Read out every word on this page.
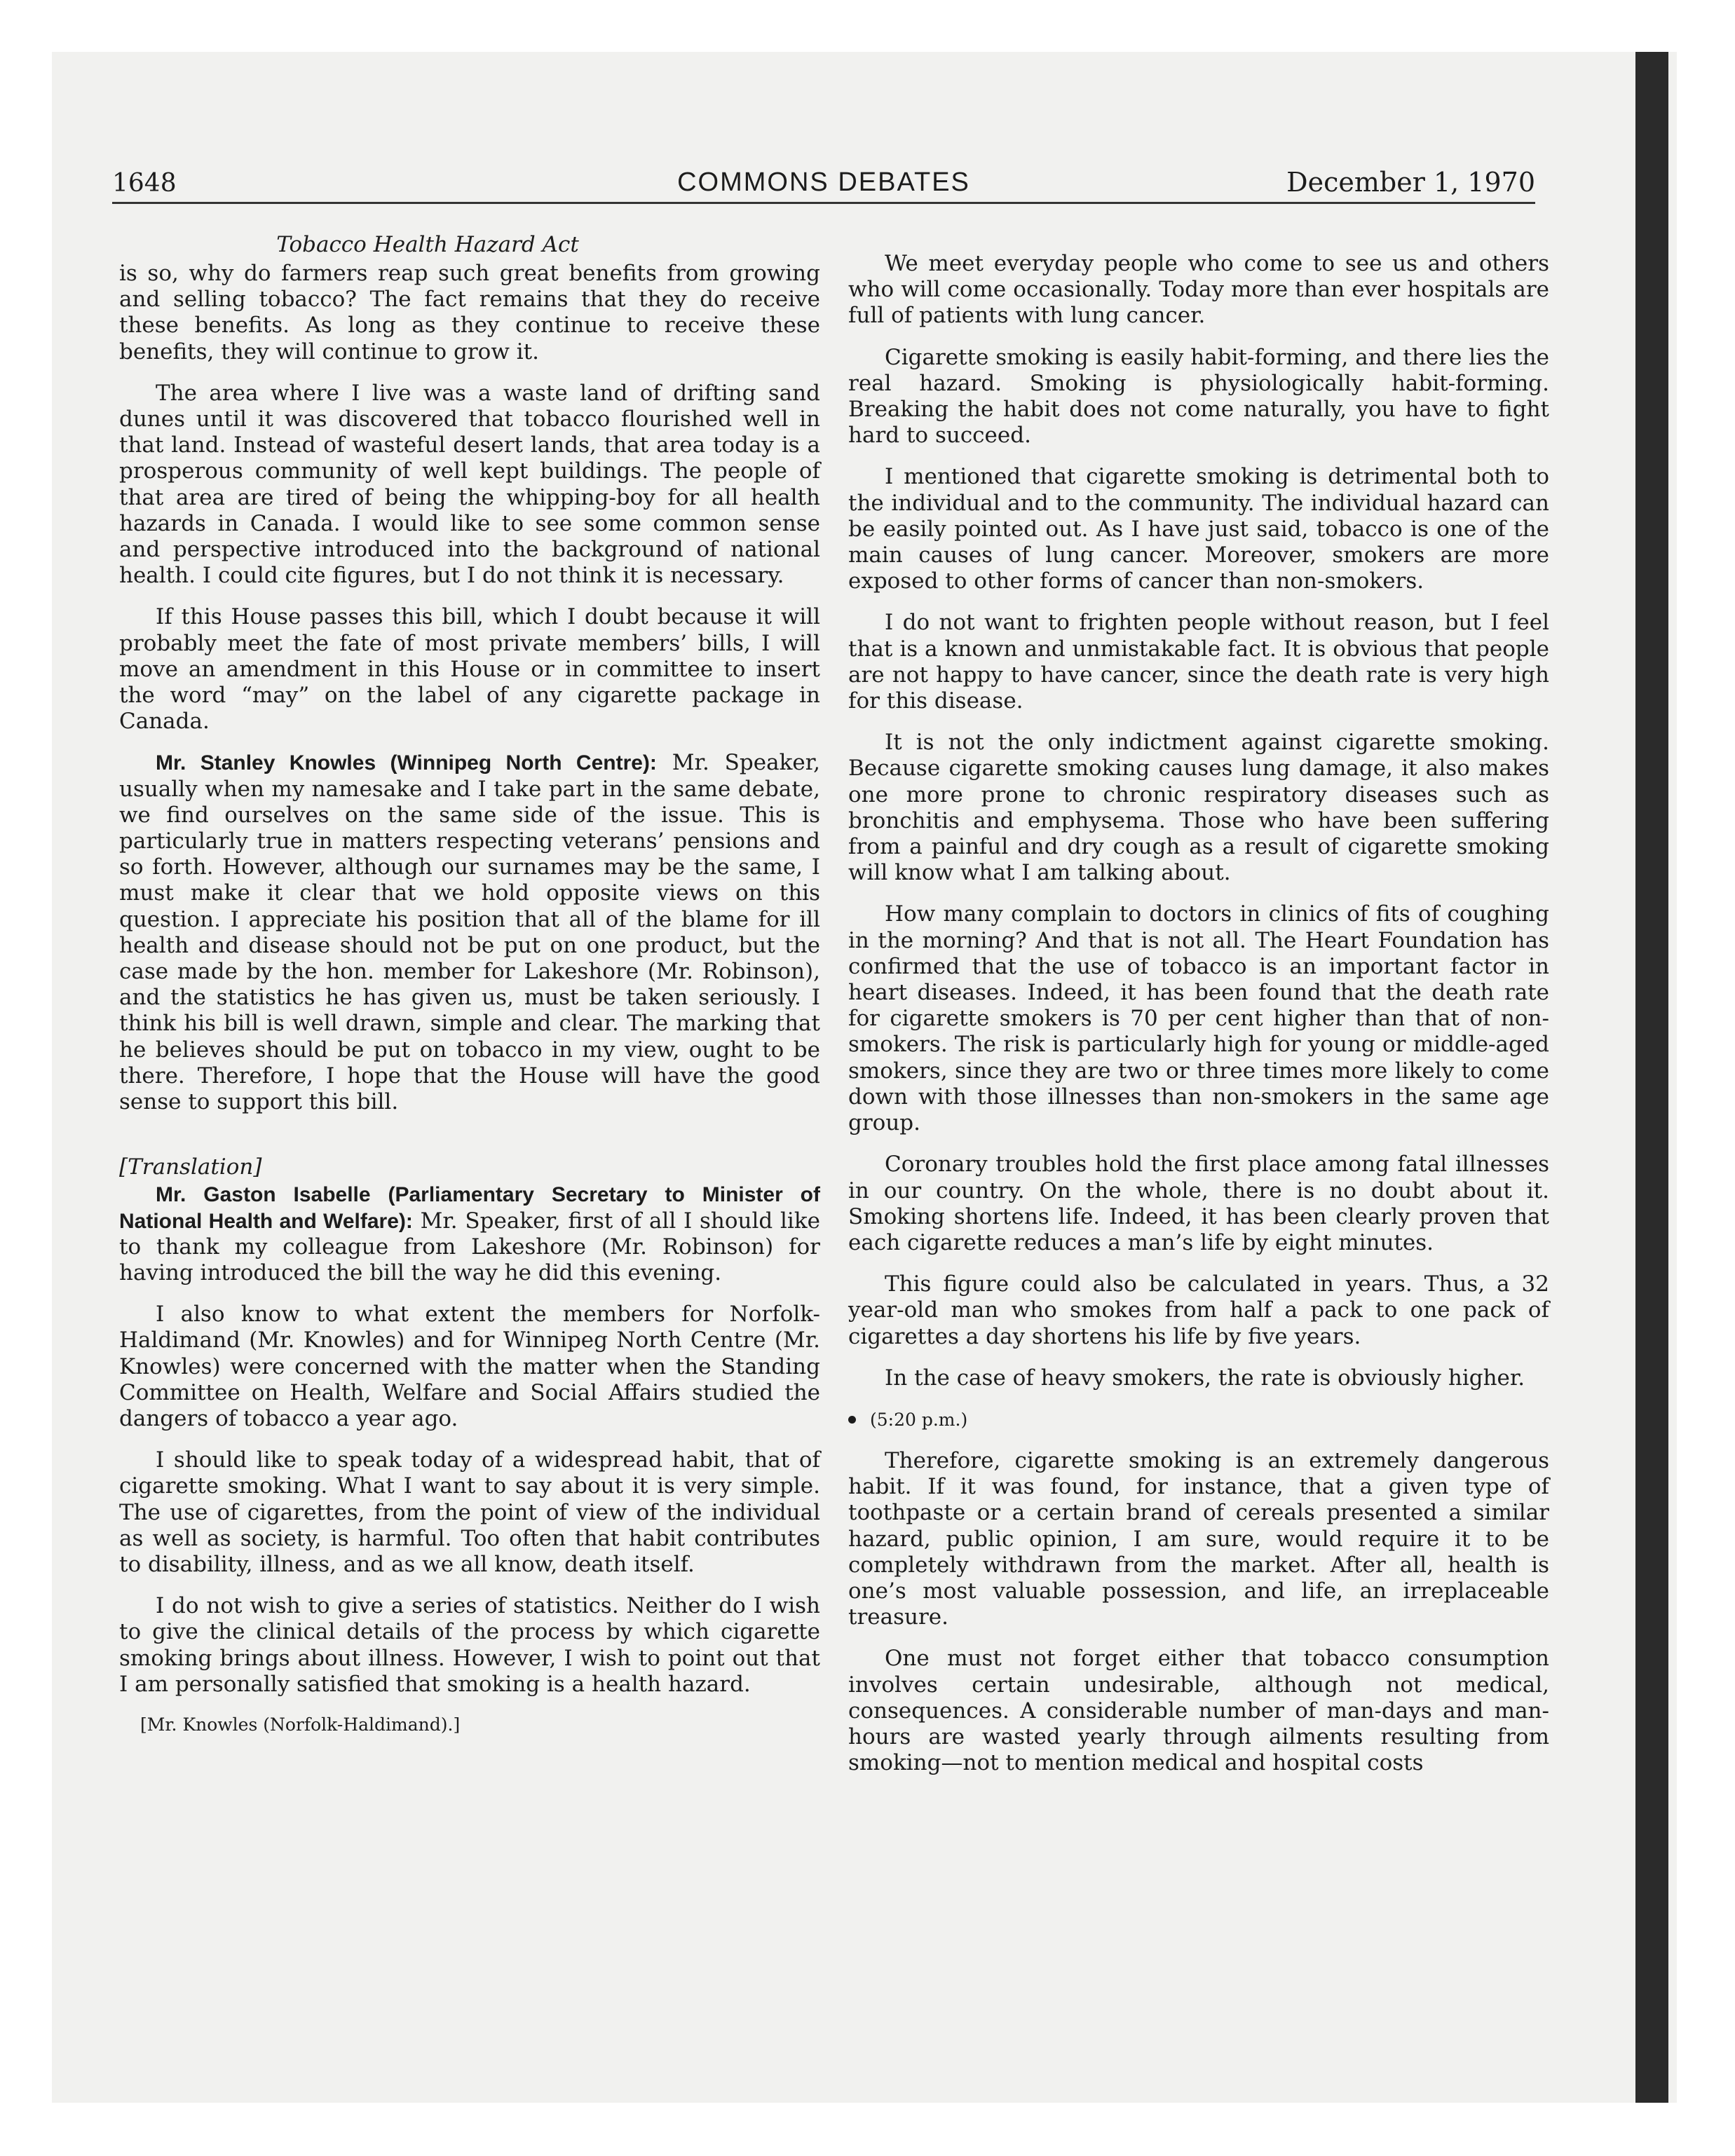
1648	COMMONS DEBATES	December 1, 1970
Tobacco Health Hazard Act

is so, why do farmers reap such great benefits from growing and selling tobacco? The fact remains that they do receive these benefits. As long as they continue to receive these benefits, they will continue to grow it.

The area where I live was a waste land of drifting sand dunes until it was discovered that tobacco flourished well in that land. Instead of wasteful desert lands, that area today is a prosperous community of well kept buildings. The people of that area are tired of being the whipping-boy for all health hazards in Canada. I would like to see some common sense and perspective introduced into the background of national health. I could cite figures, but I do not think it is necessary.

If this House passes this bill, which I doubt because it will probably meet the fate of most private members’ bills, I will move an amendment in this House or in committee to insert the word “may” on the label of any cigarette package in Canada.

Mr. Stanley Knowles (Winnipeg North Centre): Mr. Speaker, usually when my namesake and I take part in the same debate, we find ourselves on the same side of the issue. This is particularly true in matters respecting veterans’ pensions and so forth. However, although our surnames may be the same, I must make it clear that we hold opposite views on this question. I appreciate his position that all of the blame for ill health and disease should not be put on one product, but the case made by the hon. member for Lakeshore (Mr. Robinson), and the statistics he has given us, must be taken seriously. I think his bill is well drawn, simple and clear. The marking that he believes should be put on tobacco in my view, ought to be there. Therefore, I hope that the House will have the good sense to support this bill.

[Translation]

Mr. Gaston Isabelle (Parliamentary Secretary to Minister of National Health and Welfare): Mr. Speaker, first of all I should like to thank my colleague from Lakeshore (Mr. Robinson) for having introduced the bill the way he did this evening.

I also know to what extent the members for Norfolk-Haldimand (Mr. Knowles) and for Winnipeg North Centre (Mr. Knowles) were concerned with the matter when the Standing Committee on Health, Welfare and Social Affairs studied the dangers of tobacco a year ago.

I should like to speak today of a widespread habit, that of cigarette smoking. What I want to say about it is very simple. The use of cigarettes, from the point of view of the individual as well as society, is harmful. Too often that habit contributes to disability, illness, and as we all know, death itself.

I do not wish to give a series of statistics. Neither do I wish to give the clinical details of the process by which cigarette smoking brings about illness. However, I wish to point out that I am personally satisfied that smoking is a health hazard.

[Mr. Knowles (Norfolk-Haldimand).]

We meet everyday people who come to see us and others who will come occasionally. Today more than ever hospitals are full of patients with lung cancer.

Cigarette smoking is easily habit-forming, and there lies the real hazard. Smoking is physiologically habit-forming. Breaking the habit does not come naturally, you have to fight hard to succeed.

I mentioned that cigarette smoking is detrimental both to the individual and to the community. The individual hazard can be easily pointed out. As I have just said, tobacco is one of the main causes of lung cancer. Moreover, smokers are more exposed to other forms of cancer than non-smokers.

I do not want to frighten people without reason, but I feel that is a known and unmistakable fact. It is obvious that people are not happy to have cancer, since the death rate is very high for this disease.

It is not the only indictment against cigarette smoking. Because cigarette smoking causes lung damage, it also makes one more prone to chronic respiratory diseases such as bronchitis and emphysema. Those who have been suffering from a painful and dry cough as a result of cigarette smoking will know what I am talking about.

How many complain to doctors in clinics of fits of coughing in the morning? And that is not all. The Heart Foundation has confirmed that the use of tobacco is an important factor in heart diseases. Indeed, it has been found that the death rate for cigarette smokers is 70 per cent higher than that of non-smokers. The risk is particularly high for young or middle-aged smokers, since they are two or three times more likely to come down with those illnesses than non-smokers in the same age group.

Coronary troubles hold the first place among fatal illnesses in our country. On the whole, there is no doubt about it. Smoking shortens life. Indeed, it has been clearly proven that each cigarette reduces a man’s life by eight minutes.

This figure could also be calculated in years. Thus, a 32 year-old man who smokes from half a pack to one pack of cigarettes a day shortens his life by five years.

In the case of heavy smokers, the rate is obviously higher.

(5:20 p.m.)

Therefore, cigarette smoking is an extremely dangerous habit. If it was found, for instance, that a given type of toothpaste or a certain brand of cereals presented a similar hazard, public opinion, I am sure, would require it to be completely withdrawn from the market. After all, health is one’s most valuable possession, and life, an irreplaceable treasure.

One must not forget either that tobacco consumption involves certain undesirable, although not medical, consequences. A considerable number of man-days and man-hours are wasted yearly through ailments resulting from smoking—not to mention medical and hospital costs
